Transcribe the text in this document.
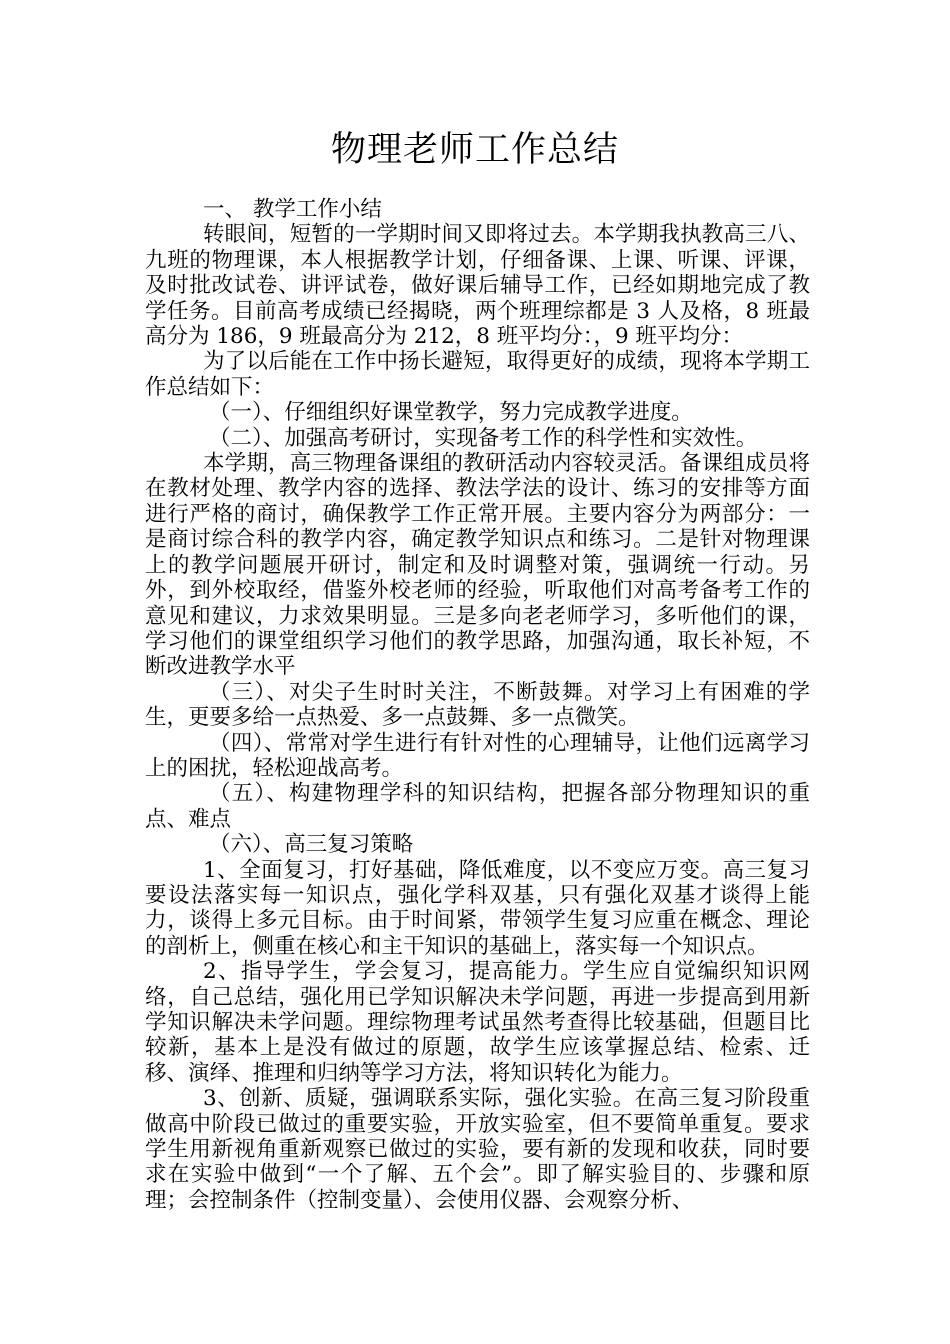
物理老师工作总结

一、 教学工作小结

转眼间，短暂的一学期时间又即将过去。本学期我执教高三八、九班的物理课，本人根据教学计划，仔细备课、上课、听课、评课，及时批改试卷、讲评试卷，做好课后辅导工作，已经如期地完成了教学任务。目前高考成绩已经揭晓，两个班理综都是 3 人及格，8 班最高分为 186，9 班最高分为 212，8 班平均分：，9 班平均分：

为了以后能在工作中扬长避短，取得更好的成绩，现将本学期工作总结如下：

（一）、仔细组织好课堂教学，努力完成教学进度。

（二）、加强高考研讨，实现备考工作的科学性和实效性。

本学期，高三物理备课组的教研活动内容较灵活。备课组成员将在教材处理、教学内容的选择、教法学法的设计、练习的安排等方面进行严格的商讨，确保教学工作正常开展。主要内容分为两部分：一是商讨综合科的教学内容，确定教学知识点和练习。二是针对物理课上的教学问题展开研讨，制定和及时调整对策，强调统一行动。另外，到外校取经，借鉴外校老师的经验，听取他们对高考备考工作的意见和建议，力求效果明显。三是多向老老师学习，多听他们的课，学习他们的课堂组织学习他们的教学思路，加强沟通，取长补短，不断改进教学水平

（三）、对尖子生时时关注，不断鼓舞。对学习上有困难的学生，更要多给一点热爱、多一点鼓舞、多一点微笑。

（四）、常常对学生进行有针对性的心理辅导，让他们远离学习上的困扰，轻松迎战高考。

（五）、构建物理学科的知识结构，把握各部分物理知识的重点、难点

（六）、高三复习策略

1、全面复习，打好基础，降低难度，以不变应万变。高三复习要设法落实每一知识点，强化学科双基，只有强化双基才谈得上能力，谈得上多元目标。由于时间紧，带领学生复习应重在概念、理论的剖析上，侧重在核心和主干知识的基础上，落实每一个知识点。

2、指导学生，学会复习，提高能力。学生应自觉编织知识网络，自己总结，强化用已学知识解决未学问题，再进一步提高到用新学知识解决未学问题。理综物理考试虽然考查得比较基础，但题目比较新，基本上是没有做过的原题，故学生应该掌握总结、检索、迁移、演绎、推理和归纳等学习方法，将知识转化为能力。

3、创新、质疑，强调联系实际，强化实验。在高三复习阶段重做高中阶段已做过的重要实验，开放实验室，但不要简单重复。要求学生用新视角重新观察已做过的实验，要有新的发现和收获，同时要求在实验中做到“一个了解、五个会”。即了解实验目的、步骤和原理；会控制条件（控制变量）、会使用仪器、会观察分析、
